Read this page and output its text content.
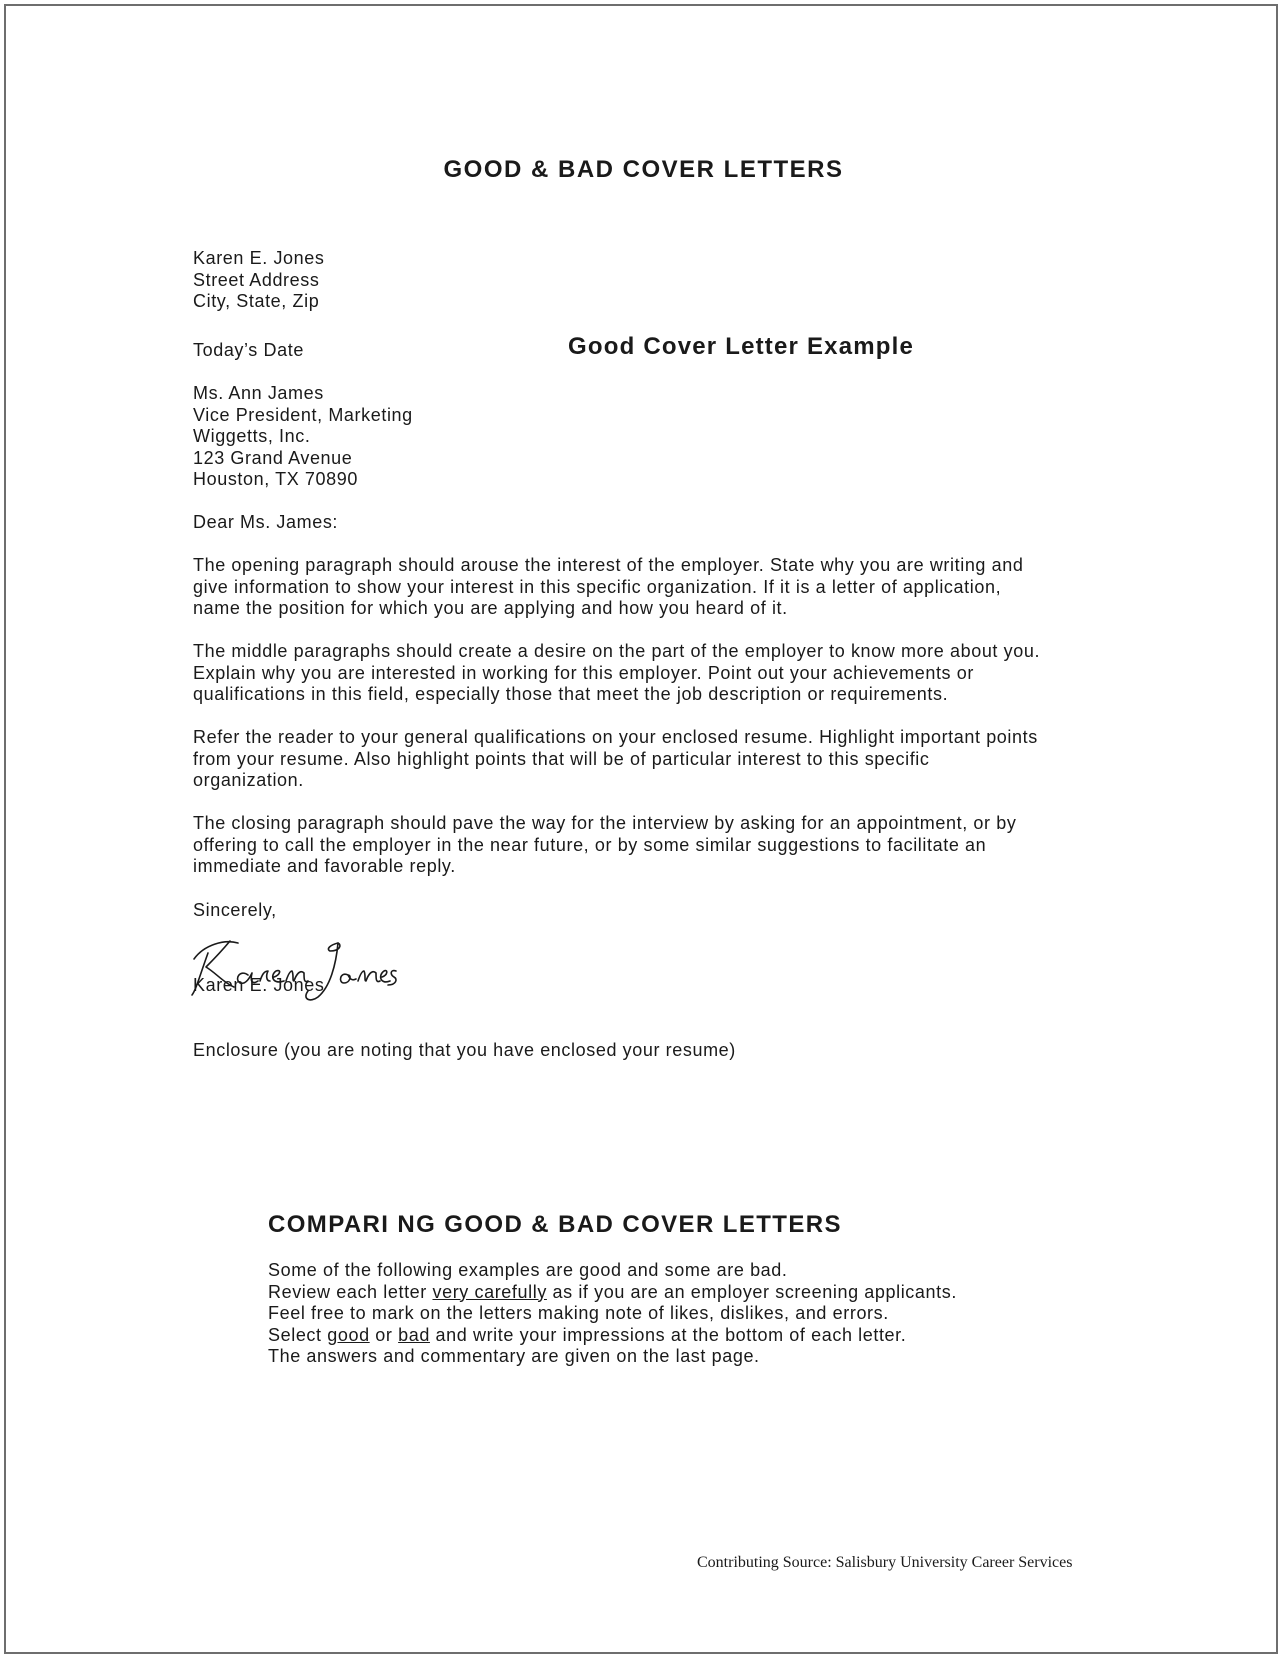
GOOD & BAD COVER LETTERS
Karen E. Jones
Street Address
City, State, Zip
Today’s Date	Good Cover Letter Example
Ms. Ann James
Vice President, Marketing
Wiggetts, Inc.
123 Grand Avenue
Houston, TX 70890
Dear Ms. James:
The opening paragraph should arouse the interest of the employer. State why you are writing and
give information to show your interest in this specific organization. If it is a letter of application,
name the position for which you are applying and how you heard of it.
The middle paragraphs should create a desire on the part of the employer to know more about you.
Explain why you are interested in working for this employer. Point out your achievements or
qualifications in this field, especially those that meet the job description or requirements.
Refer the reader to your general qualifications on your enclosed resume. Highlight important points
from your resume. Also highlight points that will be of particular interest to this specific
organization.
The closing paragraph should pave the way for the interview by asking for an appointment, or by
offering to call the employer in the near future, or by some similar suggestions to facilitate an
immediate and favorable reply.
Sincerely,
Karen E. Jones
Enclosure (you are noting that you have enclosed your resume)
COMPARI NG GOOD & BAD COVER LETTERS
Some of the following examples are good and some are bad.
Review each letter very carefully as if you are an employer screening applicants.
Feel free to mark on the letters making note of likes, dislikes, and errors.
Select good or bad and write your impressions at the bottom of each letter.
The answers and commentary are given on the last page.
Contributing Source: Salisbury University Career Services
